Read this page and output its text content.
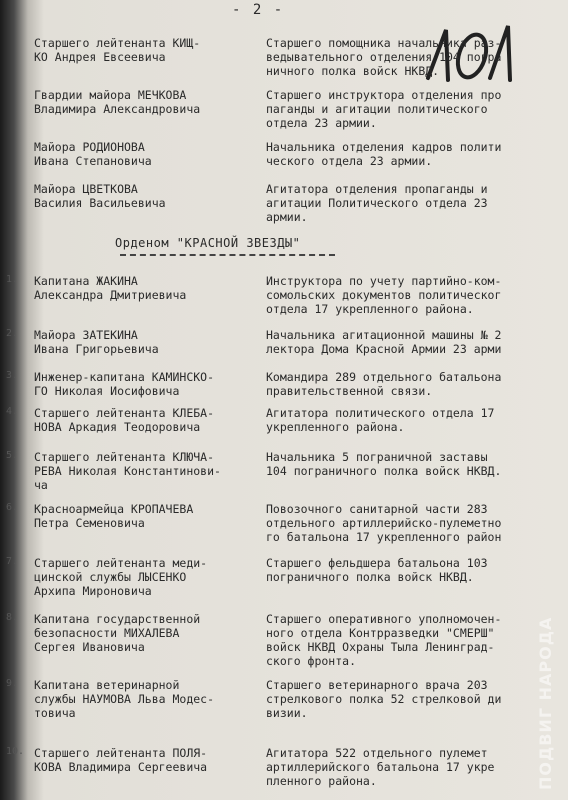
- 2 -
Старшего лейтенанта КИЩ-
КО Андрея Евсеевича
Старшего помощника начальника раз-
ведывательного отделения 104 погра
ничного полка войск НКВД.
Гвардии майора МЕЧКОВА
Владимира Александровича
Старшего инструктора отделения про
паганды и агитации политического
отдела 23 армии.
Майора РОДИОНОВА
Ивана Степановича
Начальника отделения кадров полити
ческого отдела 23 армии.
Майора ЦВЕТКОВА
Василия Васильевича
Агитатора отделения пропаганды и
агитации Политического отдела 23
армии.
Орденом "КРАСНОЙ ЗВЕЗДЫ"
1. Капитана ЖАКИНА
Александра Дмитриевича
Инструктора по учету партийно-ком-
сомольских документов политическог
отдела 17 укрепленного района.
2. Майора ЗАТЕКИНА
Ивана Григорьевича
Начальника агитационной машины № 2
лектора Дома Красной Армии 23 арми
3. Инженер-капитана КАМИНСКО-
ГО Николая Иосифовича
Командира 289 отдельного батальона
правительственной связи.
4. Старшего лейтенанта КЛЕБА-
НОВА Аркадия Теодоровича
Агитатора политического отдела 17
укрепленного района.
5. Старшего лейтенанта КЛЮЧА-
РЕВА Николая Константинови-
ча
Начальника 5 пограничной заставы
104 пограничного полка войск НКВД.
6. Красноармейца КРОПАЧЕВА
Петра Семеновича
Повозочного санитарной части 283
отдельного артиллерийско-пулеметно
го батальона 17 укрепленного район
7. Старшего лейтенанта меди-
цинской службы ЛЫСЕНКО
Архипа Мироновича
Старшего фельдшера батальона 103
пограничного полка войск НКВД.
8. Капитана государственной
безопасности МИХАЛЕВА
Сергея Ивановича
Старшего оперативного уполномочен-
ного отдела Контрразведки "СМЕРШ"
войск НКВД Охраны Тыла Ленинград-
ского фронта.
9. Капитана ветеринарной
службы НАУМОВА Льва Модес-
товича
Старшего ветеринарного врача 203
стрелкового полка 52 стрелковой ди
визии.
10. Старшего лейтенанта ПОЛЯ-
КОВА Владимира Сергеевича
Агитатора 522 отдельного пулемет
артиллерийского батальона 17 укре
пленного района.	ПОДВИГ НАРОДА
